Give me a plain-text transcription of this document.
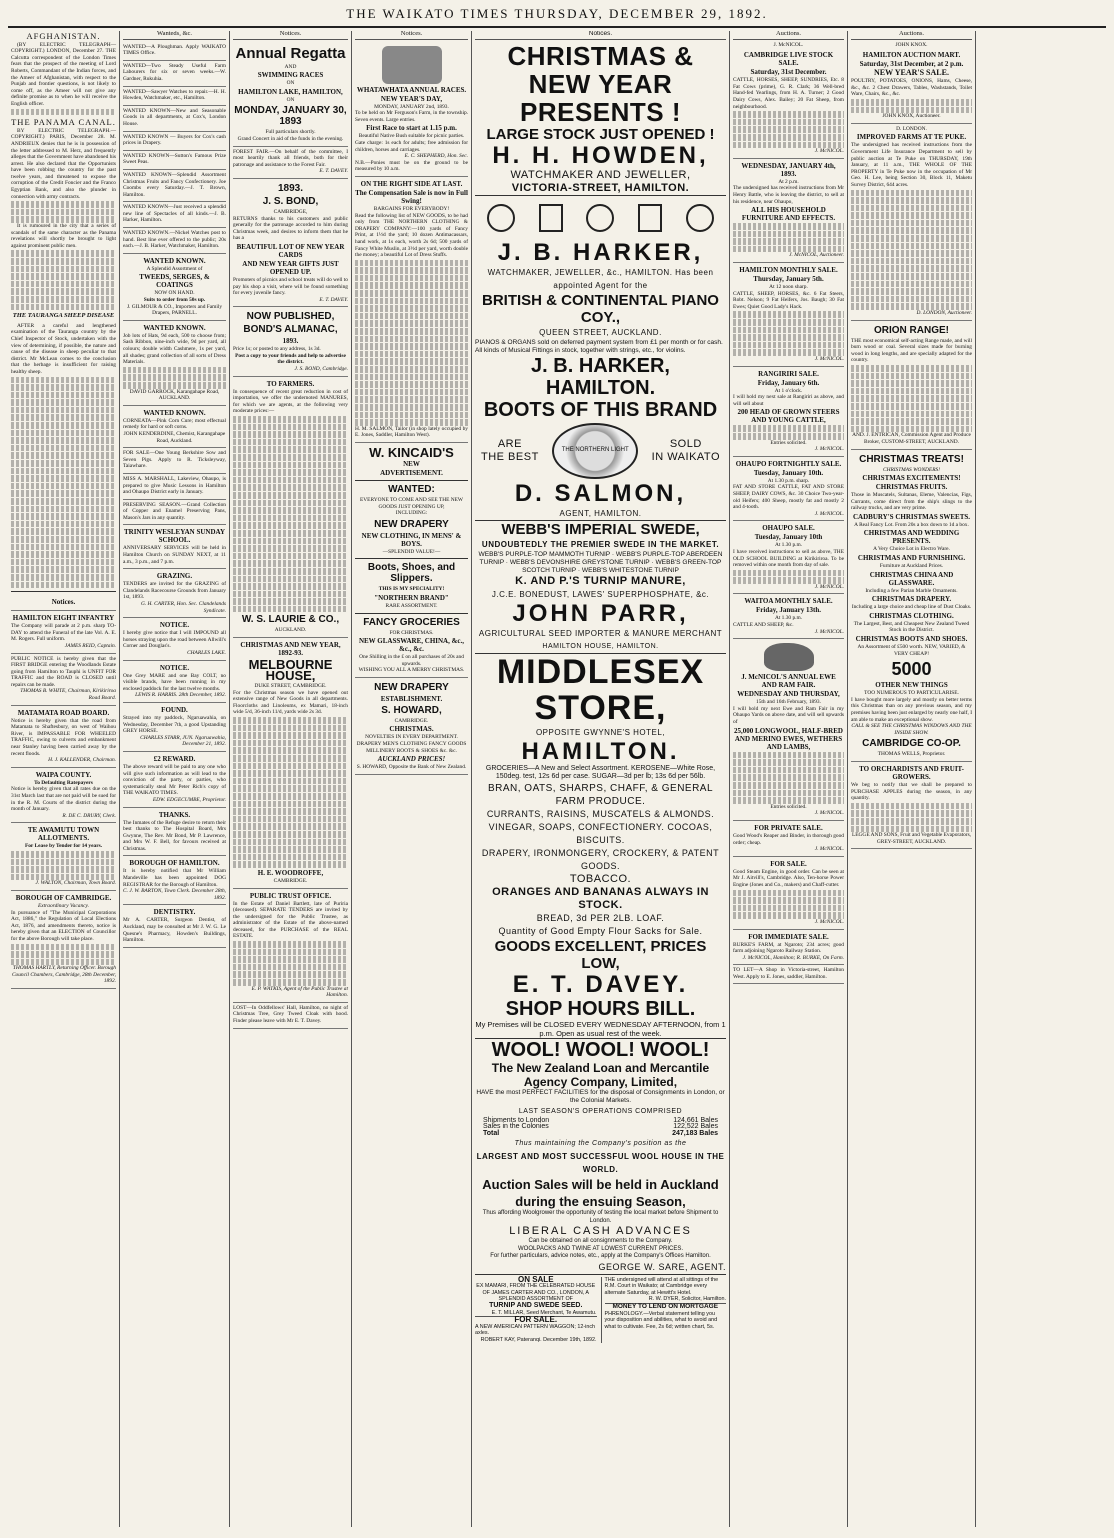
THE WAIKATO TIMES THURSDAY, DECEMBER 29, 1892.
AFGHANISTAN.

(BY ELECTRIC TELEGRAPH—COPYRIGHT.) LONDON, December 27. THE Calcutta correspondent of the London Times fears that the prospect of the meeting of Lord Roberts, Commandant of the Indian forces, and the Ameer of Afghanistan, with respect to the Punjab and frontier questions, is not likely to come off, as the Ameer will not give any definite promise as to when he will receive the English officer.

THE PANAMA CANAL.

BY ELECTRIC TELEGRAPH.—COPYRIGHT.) PARIS, December 28. M. ANDRIEUX denies that he is in possession of the letter addressed to M. Herz, and frequently alleges that the Government have abandoned his arrest. He also declared that the Opportunists have been robbing the country for the past twelve years, and threatened to expose the corruption of the Credit Foncier and the Franco Egyptian Bank, and also the plunder in connection with army contracts.

It is rumoured in the city that a series of scandals of the same character as the Panama revelations will shortly be brought to light against prominent public men.

THE TAURANGA SHEEP DISEASE

AFTER a careful and lengthened examination of the Tauranga country by the Chief Inspector of Stock, undertaken with the view of determining, if possible, the nature and cause of the disease in sheep peculiar to that district. Mr McLean comes to the conclusion that the herbage is insufficient for raising healthy sheep.

Notices.
HAMILTON EIGHT INFANTRY

The Company will parade at 2 p.m. sharp TO-DAY to attend the Funeral of the late Vol. A. E. M. Rogers. Full uniform.

JAMES REID, Captain.

PUBLIC NOTICE is hereby given that the FIRST BRIDGE entering the Woodlands Estate going from Hamilton to Tauphi is UNFIT FOR TRAFFIC and the ROAD is CLOSED until repairs can be made.

THOMAS B. WHITE, Chairman, Kirikiriroa Road Board.

MATAMATA ROAD BOARD.

Notice is hereby given that the road from Matamata to Shaftesbury, on west of Waihou River, is IMPASSABLE FOR WHEELED TRAFFIC, owing to culverts and embankment near Stanley having been carried away by the recent floods.

H. J. KALLENDER, Chairman.

WAIPA COUNTY.
To Defaulting Ratepayers

Notice is hereby given that all rates due on the 31st March last that are not paid will be sued for in the R. M. Courts of the district during the month of January.

R. DE C. DRURY, Clerk.

TE AWAMUTU TOWN ALLOTMENTS.
For Lease by Tender for 14 years.

J. WALTON, Chairman, Town Board.

BOROUGH OF CAMBRIDGE.
Extraordinary Vacancy.

In pursuance of "The Municipal Corporations Act, 1886," the Regulation of Local Elections Act, 1876, and amendments thereto, notice is hereby given that an ELECTION of Councillor for the above Borough will take place.

THOMAS HARTLY, Returning Officer. Borough Council Chambers, Cambridge, 28th December, 1892.

Wanteds, &c.

WANTED—A Ploughman. Apply WAIKATO TIMES Office.

WANTED—Two Steady Useful Farm Labourers for six or seven weeks.—W. Gardner, Rukuhia.

WANTED—Sawyer Watches to repair.—H. H. Howden, Watchmaker, etc., Hamilton.

WANTED KNOWN—New and Seasonable Goods in all departments, at Cox's, London House.

WANTED KNOWN — Buyers for Cox's cash prices in Drapery.

WANTED KNOWN—Sutton's Famous Prize Sweet Peas.

WANTED KNOWN—Splendid Assortment Christmas Fruits and Fancy Confectionery. Joe Coombs every Saturday.—J. T. Brown, Hamilton.

WANTED KNOWN—Just received a splendid new line of Spectacles of all kinds.—J. B. Harker, Hamilton.

WANTED KNOWN.—Nickel Watches post to hand. Best line ever offered to the public; 20s each.—J. B. Harker, Watchmaker, Hamilton.

WANTED KNOWN.

A Splendid Assortment of

TWEEDS, SERGES, & COATINGS

NOW ON HAND.

Suits to order from 50s up.

J. GILMOUR & CO., Importers and Family Drapers, PARNELL.

WANTED KNOWN.

Job lots of Hats, 9d each, 500 to choose from; Sash Ribbon, nine-inch wide, 9d per yard, all colours; double width Cashmere, 1s per yard, all shades; grand collection of all sorts of Dress Materials.

DAVID GARROCK, Karangahape Road, AUCKLAND.

WANTED KNOWN.

CORNEATA—Pink Corn Cure; most effectual remedy for hard or soft corns.

JOHN KENDERDINE, Chemist, Karangahape Road, Auckland.

FOR SALE—One Young Berkshire Sow and Seven Pigs. Apply to R. Ticksleyway, Taiawhare.

MISS A. MARSHALL, Lakeview, Ohaupo, is prepared to give Music Lessons in Hamilton and Ohaupo District early in January.

PRESERVING SEASON.—Grand Collection of Copper and Enamel Preserving Pans, Mason's Jars in any quantity.

TRINITY WESLEYAN SUNDAY SCHOOL.

ANNIVERSARY SERVICES will be held in Hamilton Church on SUNDAY NEXT, at 11 a.m., 3 p.m., and 7 p.m.

GRAZING.

TENDERS are invited for the GRAZING of Clandelands Racecourse Grounds from January 1st, 1893.

G. H. CARTER, Hon. Sec. Clandelands Syndicate.

NOTICE.

I hereby give notice that I will IMPOUND all horses straying upon the road between Allwill's Corner and Douglas's.

CHARLES LAKE.

NOTICE.

One Grey MARE and one Bay COLT, no visible brands, have been running in my enclosed paddock for the last twelve months.

LEWIS R. HARRIS. 28th December, 1892.

FOUND.

Strayed into my paddock, Ngaruawahia, on Wednesday, December 7th, a good Upstanding GREY HORSE.

CHARLES STARR, JUN. Ngaruawahia, December 21, 1892.

£2 REWARD.

The above reward will be paid to any one who will give such information as will lead to the conviction of the party, or parties, who systematically steal Mr Peter Rich's copy of THE WAIKATO TIMES.

EDW. EDGECUMBE, Proprietor.

THANKS.

The Inmates of the Refuge desire to return their best thanks to The Hospital Board, Mrs Gwynne, The Rev. Mr Bond, Mr P. Lawrence, and Mrs W. F. Bell, for favours received at Christmas.

BOROUGH OF HAMILTON.

It is hereby notified that Mr William Mandeville has been appointed DOG REGISTRAR for the Borough of Hamilton.

C. J. W. BARTON, Town Clerk. December 28th, 1892.

DENTISTRY.

Mr A. CARTER, Surgeon Dentist, of Auckland, may be consulted at Mr J. W. G. Le Quesne's Pharmacy, Howden's Buildings, Hamilton.

Notices.
Annual Regatta

AND

SWIMMING RACES

ON

HAMILTON LAKE, HAMILTON,

ON

MONDAY, JANUARY 30, 1893

Full particulars shortly.

Grand Concert in aid of the funds in the evening.

FOREST FAIR.—On behalf of the committee, I most heartily thank all friends, both for their patronage and assistance to the Forest Fair.

E. T. DAVEY.

1893.
J. S. BOND,

CAMBRIDGE,

RETURNS thanks to his customers and public generally for the patronage accorded to him during Christmas week, and desires to inform them that he has a

BEAUTIFUL LOT OF NEW YEAR CARDS
AND NEW YEAR GIFTS JUST OPENED UP.

Promoters of picnics and school treats will do well to pay his shop a visit, where will be found something for every juvenile fancy.

E. T. DAVEY.

NOW PUBLISHED,
BOND'S ALMANAC,
1893.

Price 1s; or posted to any address, 1s 3d.

Post a copy to your friends and help to advertise the district.

J. S. BOND, Cambridge.

TO FARMERS.

In consequence of recent great reduction in cost of importation, we offer the undernoted MANURES, for which we are agents, at the following very moderate prices:—

W. S. LAURIE & CO.,

AUCKLAND.

CHRISTMAS AND NEW YEAR, 1892-93.
MELBOURNE HOUSE,

DUKE STREET, CAMBRIDGE.

For the Christmas season we have opened out extensive range of New Goods in all departments. Floorcloths and Linoleums, ex Mamari, 18-inch wide 5/d, 36-inch 11/d, yards wide 2s 3d.

H. E. WOODROFFE,

CAMBRIDGE.

PUBLIC TRUST OFFICE.

In the Estate of Daniel Bartlett, late of Puriria (deceased). SEPARATE TENDERS are invited by the undersigned for the Public Trustee, as administrator of the Estate of the above-named deceased, for the PURCHASE of the REAL ESTATE.

E. P. WATKIS, Agent of the Public Trustee at Hamilton.

LOST—In Oddfellows' Hall, Hamilton, no night of Christmas Tree, Grey Tweed Cloak with hood. Finder please leave with Mr E. T. Davey.

Notices.
WHATAWHATA ANNUAL RACES.
NEW YEAR'S DAY,

MONDAY, JANUARY 2nd, 1893.

To be held on Mr Ferguson's Farm, in the township. Seven events. Large entries.

First Race to start at 1.15 p.m.

Beautiful Native Bush suitable for picnic parties.

Gate charge: 1s each for adults; free admission for children, horses and carriages.

E. C. SHEPHERD, Hon. Sec.

N.B.—Ponies must be on the ground to be measured by 10 a.m.

ON THE RIGHT SIDE AT LAST.
The Compensation Sale is now in Full Swing!

BARGAINS FOR EVERYBODY!

Read the following list of NEW GOODS, to be had only from THE NORTHERN CLOTHING & DRAPERY COMPANY:—100 yards of Fancy Print, at 1½d the yard; 10 dozen Antimacassars, hand work, at 1s each, worth 2s 6d; 500 yards of Fancy White Muslin, at 3½d per yard, worth double the money; a beautiful Lot of Dress Stuffs.

H. M. SALMON, Tailor (in shop lately occupied by E. Jones, Saddler, Hamilton West).

W. KINCAID'S
NEW
ADVERTISEMENT.
WANTED:

EVERYONE TO COME AND SEE THE NEW GOODS JUST OPENING UP,

INCLUDING:

NEW DRAPERY
NEW CLOTHING, IN MENS' & BOYS.

—SPLENDID VALUE!—

Boots, Shoes, and Slippers.

THIS IS MY SPECIALITY!

"NORTHERN BRAND"

RARE ASSORTMENT.

FANCY GROCERIES

FOR CHRISTMAS.

NEW GLASSWARE, CHINA, &c., &c., &c.

One Shilling in the £ on all purchases of 20s and upwards.

WISHING YOU ALL A MERRY CHRISTMAS.

NEW DRAPERY
ESTABLISHMENT.
S. HOWARD,

CAMBRIDGE.

CHRISTMAS.

NOVELTIES IN EVERY DEPARTMENT.

DRAPERY MEN'S CLOTHING FANCY GOODS MILLINERY BOOTS & SHOES &c. &c.

AUCKLAND PRICES!

S. HOWARD, Opposite the Bank of New Zealand.

Notices.
CHRISTMAS & NEW YEAR PRESENTS !
LARGE STOCK JUST OPENED !
H. H. HOWDEN,
WATCHMAKER AND JEWELLER,
VICTORIA-STREET, HAMILTON.
J. B. HARKER,
WATCHMAKER, JEWELLER, &c., HAMILTON. Has been appointed Agent for the
BRITISH & CONTINENTAL PIANO COY.,
QUEEN STREET, AUCKLAND.

PIANOS & ORGANS sold on deferred payment system from £1 per month or for cash. All kinds of Musical Fittings in stock, together with strings, etc., for violins.

J. B. HARKER, HAMILTON.
BOOTS OF THIS BRAND
ARE
THE BEST
THE NORTHERN LIGHT
SOLD
IN WAIKATO
D. SALMON,
AGENT, HAMILTON.
WEBB'S IMPERIAL SWEDE,
UNDOUBTEDLY THE PREMIER SWEDE IN THE MARKET.

WEBB'S PURPLE-TOP MAMMOTH TURNIP · WEBB'S PURPLE-TOP ABERDEEN TURNIP · WEBB'S DEVONSHIRE GREYSTONE TURNIP · WEBB'S GREEN-TOP SCOTCH TURNIP · WEBB'S WHITESTONE TURNIP

K. AND P.'S TURNIP MANURE,
J.C.E. BONEDUST, LAWES' SUPERPHOSPHATE, &c.
JOHN PARR,
AGRICULTURAL SEED IMPORTER & MANURE MERCHANT
HAMILTON HOUSE, HAMILTON.
MIDDLESEX STORE,
OPPOSITE GWYNNE'S HOTEL,
HAMILTON.

GROCERIES—A New and Select Assortment. KEROSENE—White Rose, 150deg. test, 12s 6d per case. SUGAR—3d per lb; 13s 6d per 56lb.

BRAN, OATS, SHARPS, CHAFF, & GENERAL FARM PRODUCE.
CURRANTS, RAISINS, MUSCATELS & ALMONDS.
VINEGAR, SOAPS, CONFECTIONERY. COCOAS, BISCUITS.
DRAPERY, IRONMONGERY, CROCKERY, & PATENT GOODS.
TOBACCO.
ORANGES AND BANANAS ALWAYS IN STOCK.
BREAD, 3d PER 2LB. LOAF.
Quantity of Good Empty Flour Sacks for Sale.
GOODS EXCELLENT, PRICES LOW,
E. T. DAVEY.
SHOP HOURS BILL.

My Premises will be CLOSED EVERY WEDNESDAY AFTERNOON, from 1 p.m. Open as usual rest of the week.

WOOL! WOOL! WOOL!
The New Zealand Loan and Mercantile Agency Company, Limited,

HAVE the most PERFECT FACILITIES for the disposal of Consignments in London, or the Colonial Markets.

LAST SEASON'S OPERATIONS COMPRISED
Shipments to London	124,661 Bales
Sales in the Colonies	122,522 Bales
Total	247,183 Bales
Thus maintaining the Company's position as the
LARGEST AND MOST SUCCESSFUL WOOL HOUSE IN THE WORLD.
Auction Sales will be held in Auckland during the ensuing Season,

Thus affording Woolgrower the opportunity of testing the local market before Shipment to London.

LIBERAL CASH ADVANCES

Can be obtained on all consignments to the Company.

WOOLPACKS AND TWINE AT LOWEST CURRENT PRICES.

For further particulars, advice notes, etc., apply at the Company's Offices Hamilton.

GEORGE W. SARE, AGENT.
ON SALE

EX MAMARI, FROM THE CELEBRATED HOUSE OF JAMES CARTER AND CO., LONDON, A SPLENDID ASSORTMENT OF

TURNIP AND SWEDE SEED.

E. T. MILLAR, Seed Merchant, Te Awamutu.

FOR SALE.

A NEW AMERICAN PATTERN WAGGON; 12-inch axles.

ROBERT KAY, Pateranqi. December 19th, 1892.

THE undersigned will attend at all sittings of the R.M. Court in Waikato; at Cambridge every alternate Saturday, at Hewitt's Hotel.

R. W. DYER, Solicitor, Hamilton.

MONEY TO LEND ON MORTGAGE

PHRENOLOGY.—Verbal statement telling you your disposition and abilities, what to avoid and what to cultivate. Fee, 2s 6d; written chart, 5s.

Auctions.

J. McNICOL.

CAMBRIDGE LIVE STOCK SALE.
Saturday, 31st December.

CATTLE, HORSES, SHEEP, SUNDRIES, Etc. 8 Fat Cows (prime), G. R. Clark; 36 Well-bred Hand-fed Yearlings, from H. A. Turner; 2 Good Dairy Cows, Alex. Bailey; 20 Fat Sheep, from neighbourhood.

J. McNICOL.

WEDNESDAY, JANUARY 4th, 1893.

At 2 p.m.

The undersigned has received instructions from Mr Henry Battle, who is leaving the district, to sell at his residence, near Ohaupo,

ALL HIS HOUSEHOLD FURNITURE AND EFFECTS.

J. McNICOL, Auctioneer.

HAMILTON MONTHLY SALE.
Thursday, January 5th.

At 12 noon sharp.

CATTLE, SHEEP, HORSES, &c. 6 Fat Steers, Robt. Nelson; 9 Fat Heifers, Jos. Baugh; 30 Fat Ewes; Quiet Good Lady's Hack.

J. McNICOL.

RANGIRIRI SALE.
Friday, January 6th.

At 1 o'clock.

I will hold my next sale at Rangiriri as above, and will sell about

200 HEAD OF GROWN STEERS AND YOUNG CATTLE,

Entries solicited.

J. McNICOL.

OHAUPO FORTNIGHTLY SALE.
Tuesday, January 10th.

At 1.30 p.m. sharp.

FAT AND STORE CATTLE, FAT AND STORE SHEEP, DAIRY COWS, &c. 30 Choice Two-year-old Heifers; 400 Sheep, mostly fat and mostly 2 and 4-tooth.

J. McNICOL.

OHAUPO SALE.
Tuesday, January 10th

At 1.30 p.m.

I have received instructions to sell as above, THE OLD SCHOOL BUILDING at Kirikiriroa. To be removed within one month from day of sale.

J. McNICOL.

WAITOA MONTHLY SALE.
Friday, January 13th.

At 1.30 p.m.

CATTLE AND SHEEP, &c.

J. McNICOL.

J. McNICOL'S ANNUAL EWE AND RAM FAIR.
WEDNESDAY AND THURSDAY,

15th and 16th February, 1893.

I will hold my next Ewe and Ram Fair in my Ohaupo Yards on above date, and will sell upwards of

25,000 LONGWOOL, HALF-BRED AND MERINO EWES, WETHERS AND LAMBS,

Entries solicited.

J. McNICOL.

FOR PRIVATE SALE.

Good Wood's Reaper and Binder, in thorough good order; cheap.

J. McNICOL.

FOR SALE.

Good Steam Engine, in good order. Can be seen at Mr J. Aitvill's, Cambridge. Also, Ten-horse Power Engine (Jones and Co., makers) and Chaff-cutter.

J. McNICOL.

FOR IMMEDIATE SALE.

BURKE'S FARM, at Ngaroto; 234 acres; good farm adjoining Ngaroto Railway Station.

J. McNICOL, Hamilton; R. BURKE, On Farm.

TO LET—A Shop in Victoria-street, Hamilton West. Apply to E. Jones, saddler, Hamilton.

Auctions.

JOHN KNOX.

HAMILTON AUCTION MART.
Saturday, 31st December, at 2 p.m.
NEW YEAR'S SALE.

POULTRY, POTATOES, ONIONS, Hams, Cheese, &c., &c. 2 Chest Drawers, Tables, Washstands, Toilet Ware, Chairs, &c., &c.

JOHN KNOX, Auctioneer.

D. LONDON.

IMPROVED FARMS AT TE PUKE.

The undersigned has received instructions from the Government Life Insurance Department to sell by public auction at Te Puke on THURSDAY, 19th January, at 11 a.m., THE WHOLE OF THE PROPERTY in Te Puke now in the occupation of Mr Geo. H. Lee, being Section 30, Block 11, Maketu Survey District, 644 acres.

D. LONDON, Auctioneer.

ORION RANGE!

THE most economical self-acting Range made, and will burn wood or coal. Several sizes made for burning wood in long lengths, and are specially adapted for the country.

AND. J. ENTRICAN, Commission Agent and Produce Broker, CUSTOM-STREET, AUCKLAND.

CHRISTMAS TREATS!

CHRISTMAS WONDERS!

CHRISTMAS EXCITEMENTS!
CHRISTMAS FRUITS.

Those in Muscatels, Sultanas, Eleme, Valencias, Figs, Currants, come direct from the ship's slings to the railway trucks, and are very prime.

CADBURY'S CHRISTMAS SWEETS.

A Real Fancy Lot. From 20s a box down to 1d a box.

CHRISTMAS AND WEDDING PRESENTS.

A Very Choice Lot in Electro Ware.

CHRISTMAS AND FURNISHING.

Furniture at Auckland Prices.

CHRISTMAS CHINA AND GLASSWARE.

Including a few Parian Marble Ornaments.

CHRISTMAS DRAPERY.

Including a large choice and cheap line of Dust Cloaks.

CHRISTMAS CLOTHING.

The Largest, Best, and Cheapest New Zealand Tweed Stock in the District.

CHRISTMAS BOOTS AND SHOES.

An Assortment of £500 worth. NEW, VARIED, & VERY CHEAP!

5000
OTHER NEW THINGS

TOO NUMEROUS TO PARTICULARISE.

I have bought more largely and mostly on better terms this Christmas than on any previous season, and my premises having been just enlarged by nearly one half, I am able to make an exceptional show.

CALL & SEE THE CHRISTMAS WINDOWS AND THE INSIDE SHOW.

CAMBRIDGE CO-OP.

THOMAS WELLS, Proprietor.

TO ORCHARDISTS AND FRUIT-GROWERS.

We beg to notify that we shall be prepared to PURCHASE APPLES during the season, in any quantity.

LEGGE AND SONS, Fruit and Vegetable Evaporators, GREY-STREET, AUCKLAND.
